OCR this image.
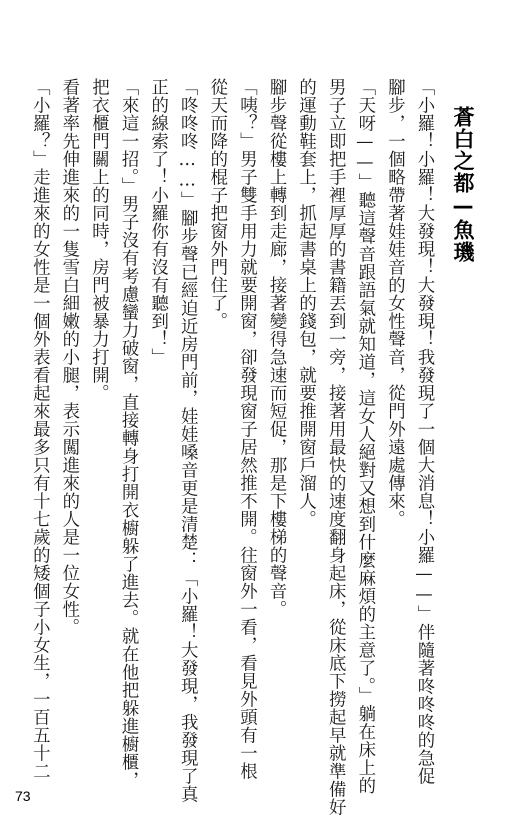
蒼白之都—魚璣
「小羅！小羅！大發現！大發現！我發現了一個大消息！小羅——」伴隨著咚咚咚的急促
腳步，一個略帶著娃娃音的女性聲音，從門外遠處傳來。
「天呀——」聽這聲音跟語氣就知道，這女人絕對又想到什麼麻煩的主意了。」躺在床上的
男子立即把手裡厚厚的書籍丟到一旁，接著用最快的速度翻身起床，從床底下撈起早就準備好
的運動鞋套上，抓起書桌上的錢包，就要推開窗戶溜人。
腳步聲從樓上轉到走廊，接著變得急速而短促，那是下樓梯的聲音。
「咦？」男子雙手用力就要開窗，卻發現窗子居然推不開。往窗外一看，看見外頭有一根
從天而降的棍子把窗外門住了。
「咚咚咚……」腳步聲已經迫近房門前，娃娃嗓音更是清楚：「小羅！大發現，我發現了真
正的線索了！小羅你有沒有聽到！」
「來這一招。」男子沒有考慮蠻力破窗，直接轉身打開衣櫥躲了進去。就在他把躲進櫥櫃，
把衣櫃門關上的同時，房門被暴力打開。
看著率先伸進來的一隻雪白細嫩的小腿，表示闖進來的人是一位女性。
「小羅？」走進來的女性是一個外表看起來最多只有十七歲的矮個子小女生，一百五十二
73
